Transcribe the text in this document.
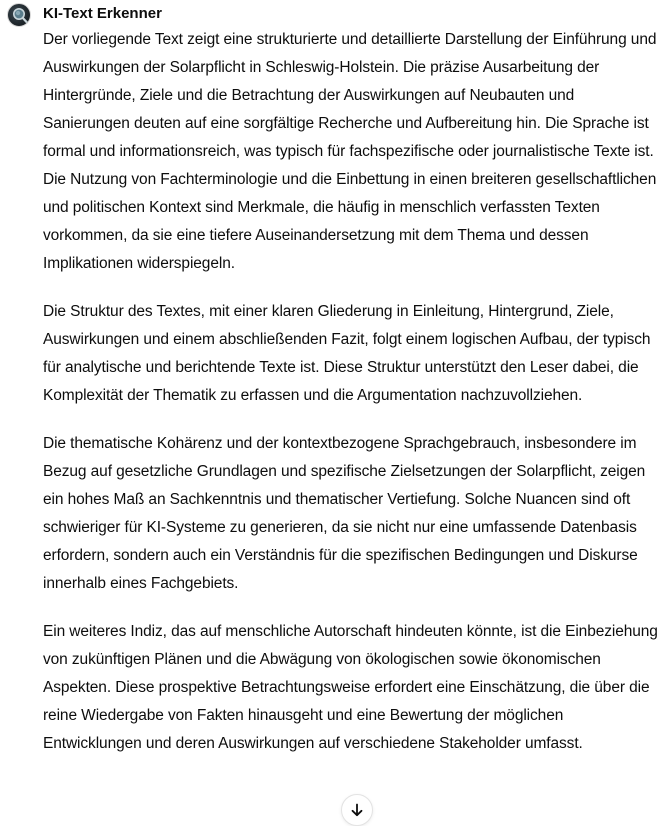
KI-Text Erkenner

Der vorliegende Text zeigt eine strukturierte und detaillierte Darstellung der Einführung und Auswirkungen der Solarpflicht in Schleswig-Holstein. Die präzise Ausarbeitung der Hintergründe, Ziele und die Betrachtung der Auswirkungen auf Neubauten und Sanierungen deuten auf eine sorgfältige Recherche und Aufbereitung hin. Die Sprache ist formal und informationsreich, was typisch für fachspezifische oder journalistische Texte ist. Die Nutzung von Fachterminologie und die Einbettung in einen breiteren gesellschaftlichen und politischen Kontext sind Merkmale, die häufig in menschlich verfassten Texten vorkommen, da sie eine tiefere Auseinandersetzung mit dem Thema und dessen Implikationen widerspiegeln.

Die Struktur des Textes, mit einer klaren Gliederung in Einleitung, Hintergrund, Ziele, Auswirkungen und einem abschließenden Fazit, folgt einem logischen Aufbau, der typisch für analytische und berichtende Texte ist. Diese Struktur unterstützt den Leser dabei, die Komplexität der Thematik zu erfassen und die Argumentation nachzuvollziehen.

Die thematische Kohärenz und der kontextbezogene Sprachgebrauch, insbesondere im Bezug auf gesetzliche Grundlagen und spezifische Zielsetzungen der Solarpflicht, zeigen ein hohes Maß an Sachkenntnis und thematischer Vertiefung. Solche Nuancen sind oft schwieriger für KI-Systeme zu generieren, da sie nicht nur eine umfassende Datenbasis erfordern, sondern auch ein Verständnis für die spezifischen Bedingungen und Diskurse innerhalb eines Fachgebiets.

Ein weiteres Indiz, das auf menschliche Autorschaft hindeuten könnte, ist die Einbeziehung von zukünftigen Plänen und die Abwägung von ökologischen sowie ökonomischen Aspekten. Diese prospektive Betrachtungsweise erfordert eine Einschätzung, die über die reine Wiedergabe von Fakten hinausgeht und eine Bewertung der möglichen Entwicklungen und deren Auswirkungen auf verschiedene Stakeholder umfasst.
